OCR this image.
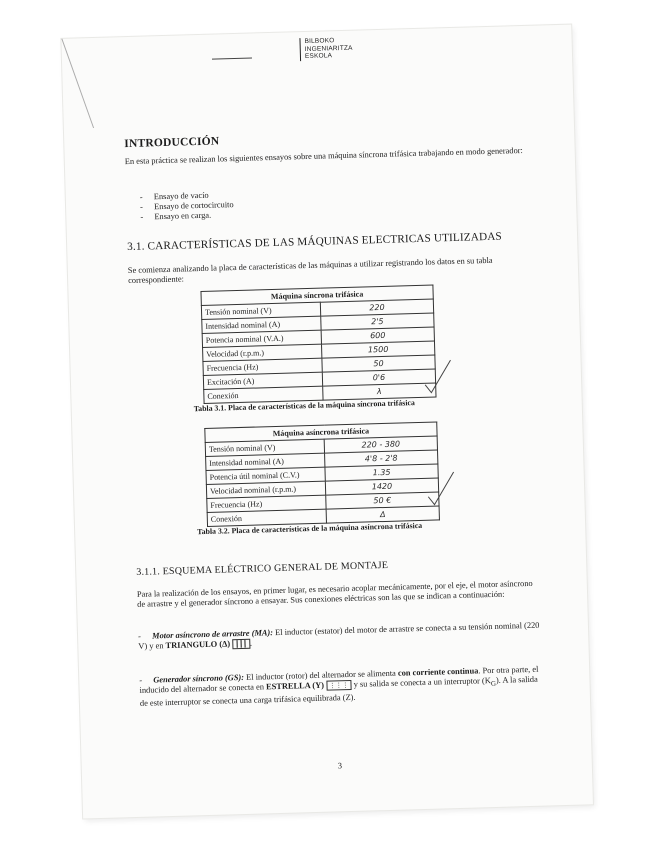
BILBOKO
INGENIARITZA
ESKOLA
INTRODUCCIÓN
En esta práctica se realizan los siguientes ensayos sobre una máquina síncrona trifásica trabajando en modo generador:
- Ensayo de vacío
- Ensayo de cortocircuito
- Ensayo en carga.
3.1. CARACTERÍSTICAS DE LAS MÁQUINAS ELECTRICAS UTILIZADAS
Se comienza analizando la placa de características de las máquinas a utilizar registrando los datos en su tabla correspondiente:
Máquina síncrona trifásica	
Tensión nominal (V)	220
Intensidad nominal (A)	2'5
Potencia nominal (V.A.)	600
Velocidad (r.p.m.)	1500
Frecuencia (Hz)	50
Excitación (A)	0'6
Conexión	λ
Tabla 3.1. Placa de características de la máquina síncrona trifásica
Máquina asíncrona trifásica	
Tensión nominal (V)	220 - 380
Intensidad nominal (A)	4'8 - 2'8
Potencia útil nominal (C.V.)	1.35
Velocidad nominal (r.p.m.)	1420
Frecuencia (Hz)	50 €
Conexión	Δ
Tabla 3.2. Placa de características de la máquina asíncrona trifásica
3.1.1. ESQUEMA ELÉCTRICO GENERAL DE MONTAJE
Para la realización de los ensayos, en primer lugar, es necesario acoplar mecánicamente, por el eje, el motor asíncrono de arrastre y el generador síncrono a ensayar. Sus conexiones eléctricas son las que se indican a continuación:
- Motor asíncrono de arrastre (MA): El inductor (estator) del motor de arrastre se conecta a su tensión nominal (220 V) y en TRIANGULO (Δ) ┃┃┃ .
- Generador síncrono (GS): El inductor (rotor) del alternador se alimenta con corriente continua. Por otra parte, el inducido del alternador se conecta en ESTRELLA (Y) ⋮⋮⋮ y su salida se conecta a un interruptor $(K_G)$. A la salida de este interruptor se conecta una carga trifásica equilibrada (Z).
3
